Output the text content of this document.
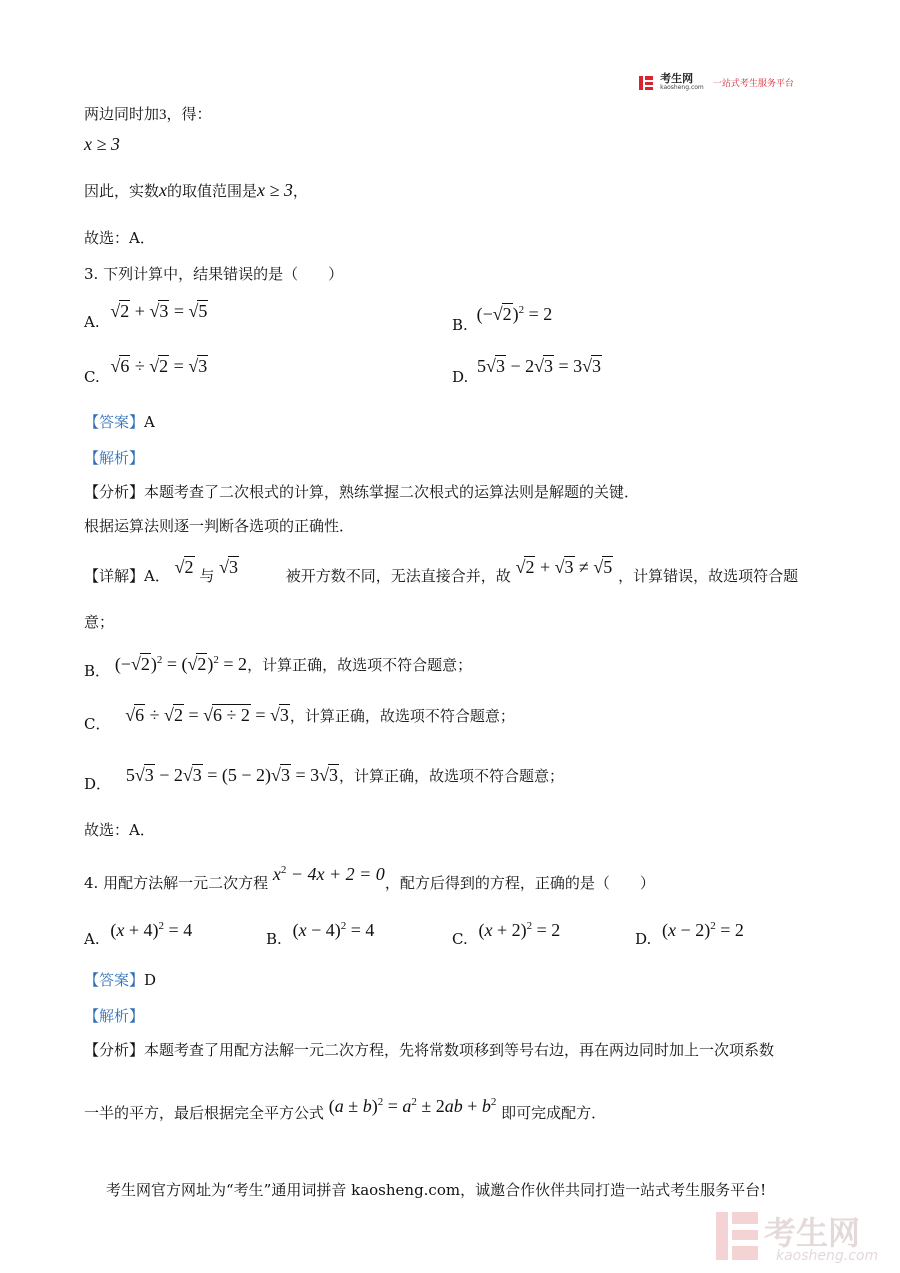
考生网
kaosheng.com 一站式考生服务平台
两边同时加3，得：
x ≥ 3
因此，实数x的取值范围是x ≥ 3，
故选：A．
3. 下列计算中，结果错误的是（　　）
A. √2 + √3 = √5
B. $(-√2)^2 = 2$
C. √6 ÷ √2 = √3
D. 5√3 − 2√3 = 3√3
【答案】A
【解析】
【分析】本题考查了二次根式的计算，熟练掌握二次根式的运算法则是解题的关键．
根据运算法则逐一判断各选项的正确性．
【详解】A． √2 与 √3	被开方数不同，无法直接合并，故 √2 + √3 ≠ √5 ，计算错误，故选项符合题
意；
B． $(-√2)^2 = (√2)^2 = 2$，计算正确，故选项不符合题意；
C． √6 ÷ √2 = √6 ÷ 2 = √3，计算正确，故选项不符合题意；
D． 5√3 − 2√3 = (5 − 2)√3 = 3√3，计算正确，故选项不符合题意；
故选：A．
4. 用配方法解一元二次方程 $x^2 - 4x + 2 = 0$，配方后得到的方程，正确的是（　　）
A. $(x + 4)^2 = 4$	B. $(x - 4)^2 = 4$	C. $(x + 2)^2 = 2$	D. $(x - 2)^2 = 2$
【答案】D
【解析】
【分析】本题考查了用配方法解一元二次方程，先将常数项移到等号右边，再在两边同时加上一次项系数
一半的平方，最后根据完全平方公式 $(a \pm b)^2 = a^2 \pm 2ab + b^2$ 即可完成配方．
考生网官方网址为“考生”通用词拼音 kaosheng.com，诚邀合作伙伴共同打造一站式考生服务平台!
考生网
kaosheng.com
